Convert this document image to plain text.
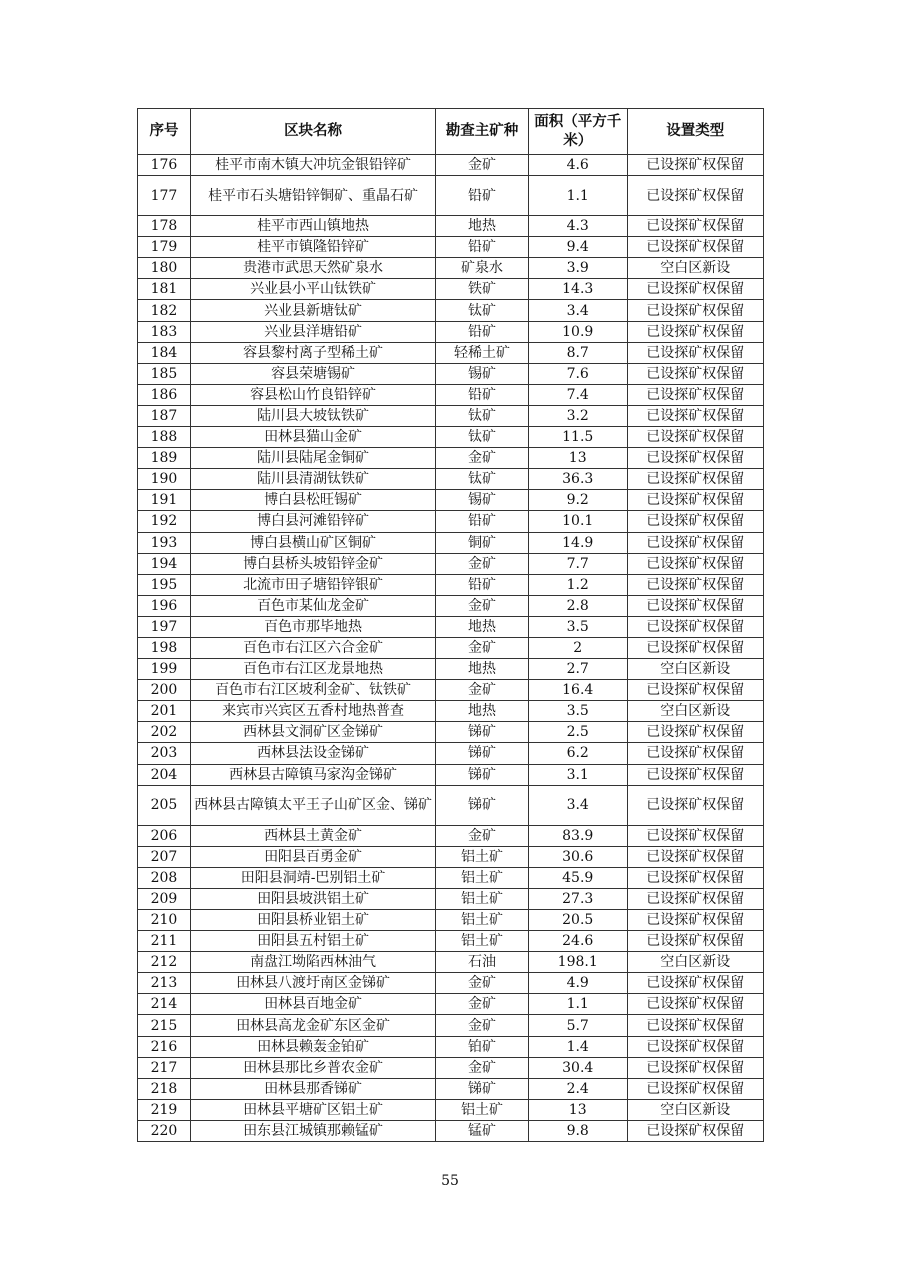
序号	区块名称	勘查主矿种	面积（平方千米）	设置类型
176	桂平市南木镇大冲坑金银铅锌矿	金矿	4.6	已设探矿权保留
177	桂平市石头塘铅锌铜矿、重晶石矿	铅矿	1.1	已设探矿权保留
178	桂平市西山镇地热	地热	4.3	已设探矿权保留
179	桂平市镇隆铅锌矿	铅矿	9.4	已设探矿权保留
180	贵港市武思天然矿泉水	矿泉水	3.9	空白区新设
181	兴业县小平山钛铁矿	铁矿	14.3	已设探矿权保留
182	兴业县新塘钛矿	钛矿	3.4	已设探矿权保留
183	兴业县洋塘铅矿	铅矿	10.9	已设探矿权保留
184	容县黎村离子型稀土矿	轻稀土矿	8.7	已设探矿权保留
185	容县荣塘锡矿	锡矿	7.6	已设探矿权保留
186	容县松山竹良铅锌矿	铅矿	7.4	已设探矿权保留
187	陆川县大坡钛铁矿	钛矿	3.2	已设探矿权保留
188	田林县猫山金矿	钛矿	11.5	已设探矿权保留
189	陆川县陆尾金铜矿	金矿	13	已设探矿权保留
190	陆川县清湖钛铁矿	钛矿	36.3	已设探矿权保留
191	博白县松旺锡矿	锡矿	9.2	已设探矿权保留
192	博白县河滩铅锌矿	铅矿	10.1	已设探矿权保留
193	博白县横山矿区铜矿	铜矿	14.9	已设探矿权保留
194	博白县桥头坡铅锌金矿	金矿	7.7	已设探矿权保留
195	北流市田子塘铅锌银矿	铅矿	1.2	已设探矿权保留
196	百色市某仙龙金矿	金矿	2.8	已设探矿权保留
197	百色市那毕地热	地热	3.5	已设探矿权保留
198	百色市右江区六合金矿	金矿	2	已设探矿权保留
199	百色市右江区龙景地热	地热	2.7	空白区新设
200	百色市右江区坡利金矿、钛铁矿	金矿	16.4	已设探矿权保留
201	来宾市兴宾区五香村地热普查	地热	3.5	空白区新设
202	西林县文洞矿区金锑矿	锑矿	2.5	已设探矿权保留
203	西林县法设金锑矿	锑矿	6.2	已设探矿权保留
204	西林县古障镇马家沟金锑矿	锑矿	3.1	已设探矿权保留
205	西林县古障镇太平王子山矿区金、锑矿	锑矿	3.4	已设探矿权保留
206	西林县土黄金矿	金矿	83.9	已设探矿权保留
207	田阳县百勇金矿	铝土矿	30.6	已设探矿权保留
208	田阳县洞靖-巴别铝土矿	铝土矿	45.9	已设探矿权保留
209	田阳县坡洪铝土矿	铝土矿	27.3	已设探矿权保留
210	田阳县桥业铝土矿	铝土矿	20.5	已设探矿权保留
211	田阳县五村铝土矿	铝土矿	24.6	已设探矿权保留
212	南盘江坳陷西林油气	石油	198.1	空白区新设
213	田林县八渡圩南区金锑矿	金矿	4.9	已设探矿权保留
214	田林县百地金矿	金矿	1.1	已设探矿权保留
215	田林县高龙金矿东区金矿	金矿	5.7	已设探矿权保留
216	田林县赖轰金铂矿	铂矿	1.4	已设探矿权保留
217	田林县那比乡普农金矿	金矿	30.4	已设探矿权保留
218	田林县那香锑矿	锑矿	2.4	已设探矿权保留
219	田林县平塘矿区铝土矿	铝土矿	13	空白区新设
220	田东县江城镇那赖锰矿	锰矿	9.8	已设探矿权保留
55
